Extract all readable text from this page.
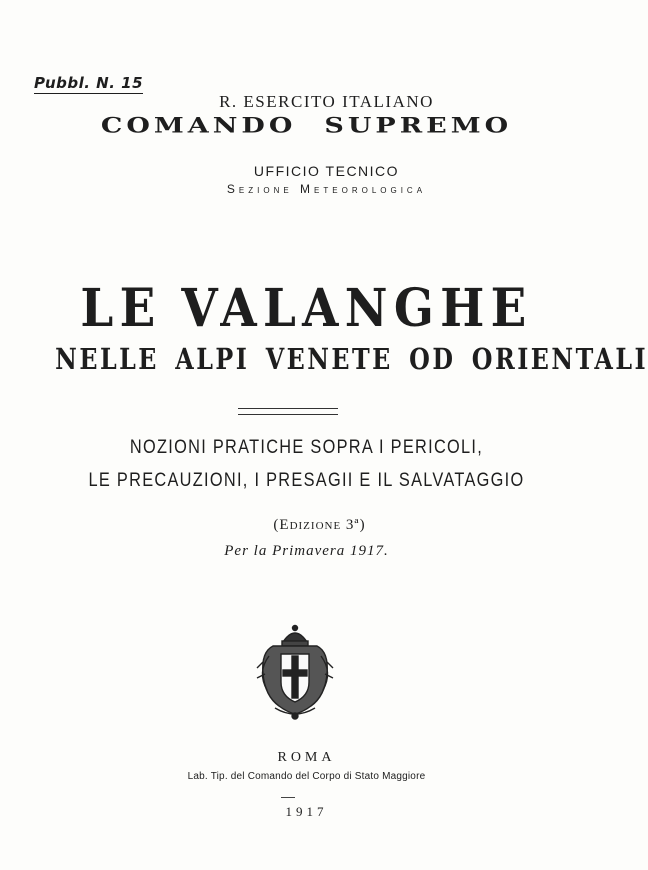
Pubbl. N. 15
R. ESERCITO ITALIANO
COMANDO SUPREMO
UFFICIO TECNICO
Sezione Meteorologica
LE VALANGHE
NELLE ALPI VENETE OD ORIENTALI
NOZIONI PRATICHE SOPRA I PERICOLI,
LE PRECAUZIONI, I PRESAGII E IL SALVATAGGIO
(Edizione 3ª)
Per la Primavera 1917.
ROMA
Lab. Tip. del Comando del Corpo di Stato Maggiore
1917
